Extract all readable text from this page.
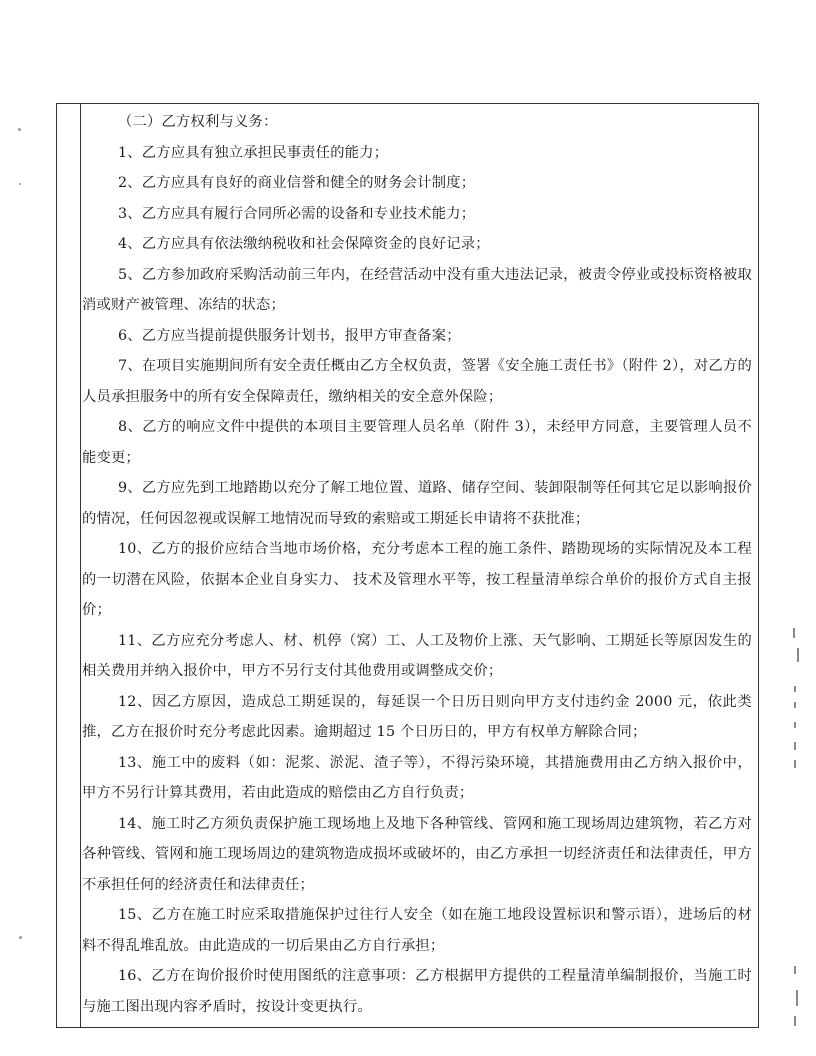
（二）乙方权利与义务：

1、乙方应具有独立承担民事责任的能力；

2、乙方应具有良好的商业信誉和健全的财务会计制度；

3、乙方应具有履行合同所必需的设备和专业技术能力；

4、乙方应具有依法缴纳税收和社会保障资金的良好记录；

5、乙方参加政府采购活动前三年内，在经营活动中没有重大违法记录，被责令停业或投标资格被取消或财产被管理、冻结的状态；

6、乙方应当提前提供服务计划书，报甲方审查备案；

7、在项目实施期间所有安全责任概由乙方全权负责，签署《安全施工责任书》（附件 2），对乙方的人员承担服务中的所有安全保障责任，缴纳相关的安全意外保险；

8、乙方的响应文件中提供的本项目主要管理人员名单（附件 3），未经甲方同意，主要管理人员不能变更；

9、乙方应先到工地踏勘以充分了解工地位置、道路、储存空间、装卸限制等任何其它足以影响报价的情况，任何因忽视或误解工地情况而导致的索赔或工期延长申请将不获批准；

10、乙方的报价应结合当地市场价格，充分考虑本工程的施工条件、踏勘现场的实际情况及本工程的一切潜在风险，依据本企业自身实力、 技术及管理水平等，按工程量清单综合单价的报价方式自主报价；

11、乙方应充分考虑人、材、机停（窝）工、人工及物价上涨、天气影响、工期延长等原因发生的相关费用并纳入报价中，甲方不另行支付其他费用或调整成交价；

12、因乙方原因，造成总工期延误的，每延误一个日历日则向甲方支付违约金 2000 元，依此类推，乙方在报价时充分考虑此因素。逾期超过 15 个日历日的，甲方有权单方解除合同；

13、施工中的废料（如：泥浆、淤泥、渣子等），不得污染环境，其措施费用由乙方纳入报价中，甲方不另行计算其费用，若由此造成的赔偿由乙方自行负责；

14、施工时乙方须负责保护施工现场地上及地下各种管线、管网和施工现场周边建筑物，若乙方对各种管线、管网和施工现场周边的建筑物造成损坏或破坏的，由乙方承担一切经济责任和法律责任，甲方不承担任何的经济责任和法律责任；

15、乙方在施工时应采取措施保护过往行人安全（如在施工地段设置标识和警示语），进场后的材料不得乱堆乱放。由此造成的一切后果由乙方自行承担；

16、乙方在询价报价时使用图纸的注意事项：乙方根据甲方提供的工程量清单编制报价，当施工时与施工图出现内容矛盾时，按设计变更执行。
